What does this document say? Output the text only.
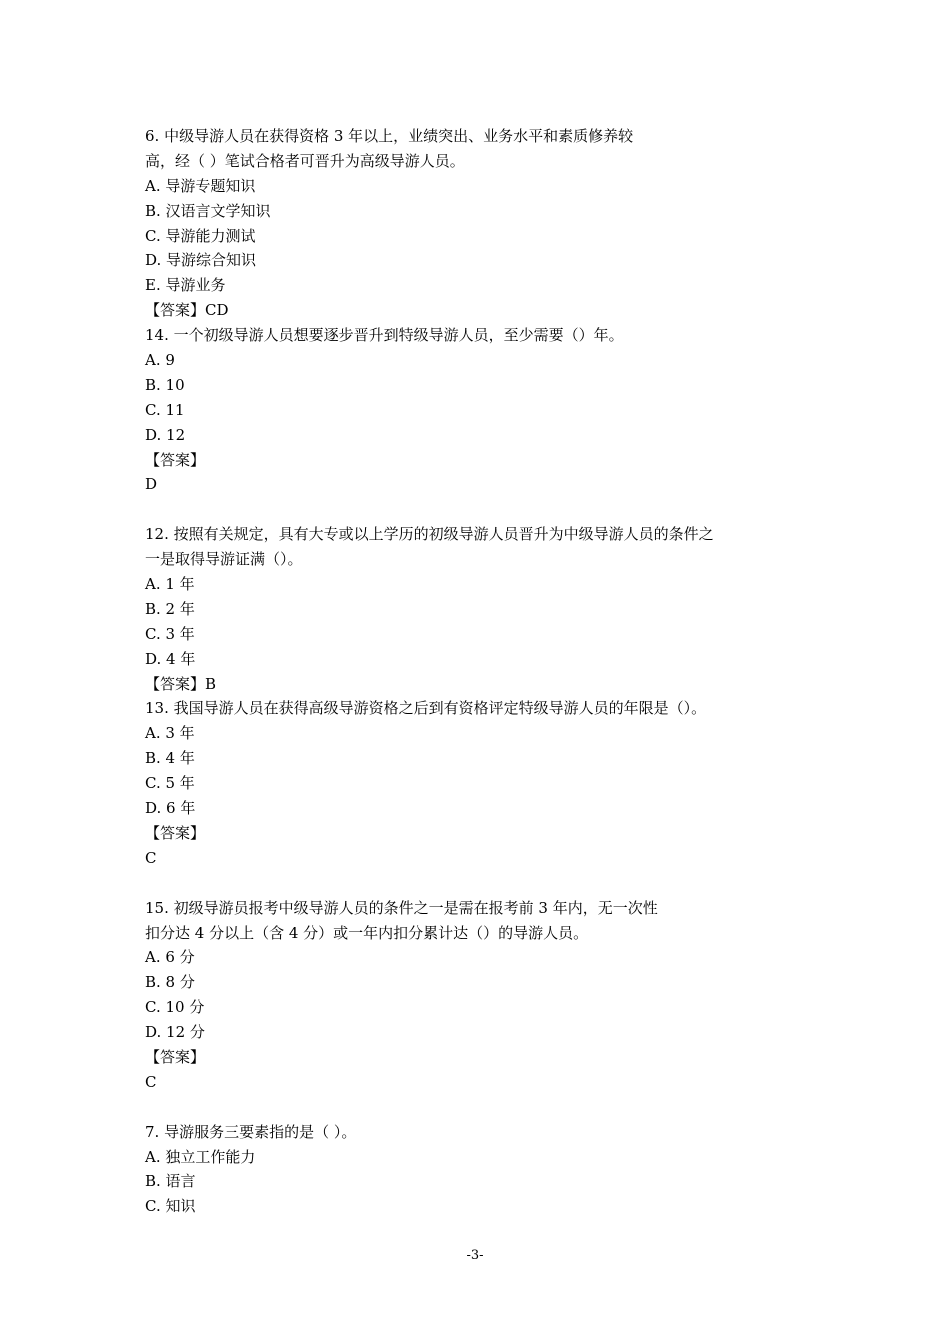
6. 中级导游人员在获得资格 3 年以上，业绩突出、业务水平和素质修养较
高，经（ ）笔试合格者可晋升为高级导游人员。
A. 导游专题知识
B. 汉语言文学知识
C. 导游能力测试
D. 导游综合知识
E. 导游业务
【答案】CD
14. 一个初级导游人员想要逐步晋升到特级导游人员，至少需要（）年。
A. 9
B. 10
C. 11
D. 12
【答案】
D
12. 按照有关规定，具有大专或以上学历的初级导游人员晋升为中级导游人员的条件之
一是取得导游证满（）。
A. 1 年
B. 2 年
C. 3 年
D. 4 年
【答案】B
13. 我国导游人员在获得高级导游资格之后到有资格评定特级导游人员的年限是（）。
A. 3 年
B. 4 年
C. 5 年
D. 6 年
【答案】
C
15. 初级导游员报考中级导游人员的条件之一是需在报考前 3 年内，无一次性
扣分达 4 分以上（含 4 分）或一年内扣分累计达（）的导游人员。
A. 6 分
B. 8 分
C. 10 分
D. 12 分
【答案】
C
7. 导游服务三要素指的是（ ）。
A. 独立工作能力
B. 语言
C. 知识
-3-
